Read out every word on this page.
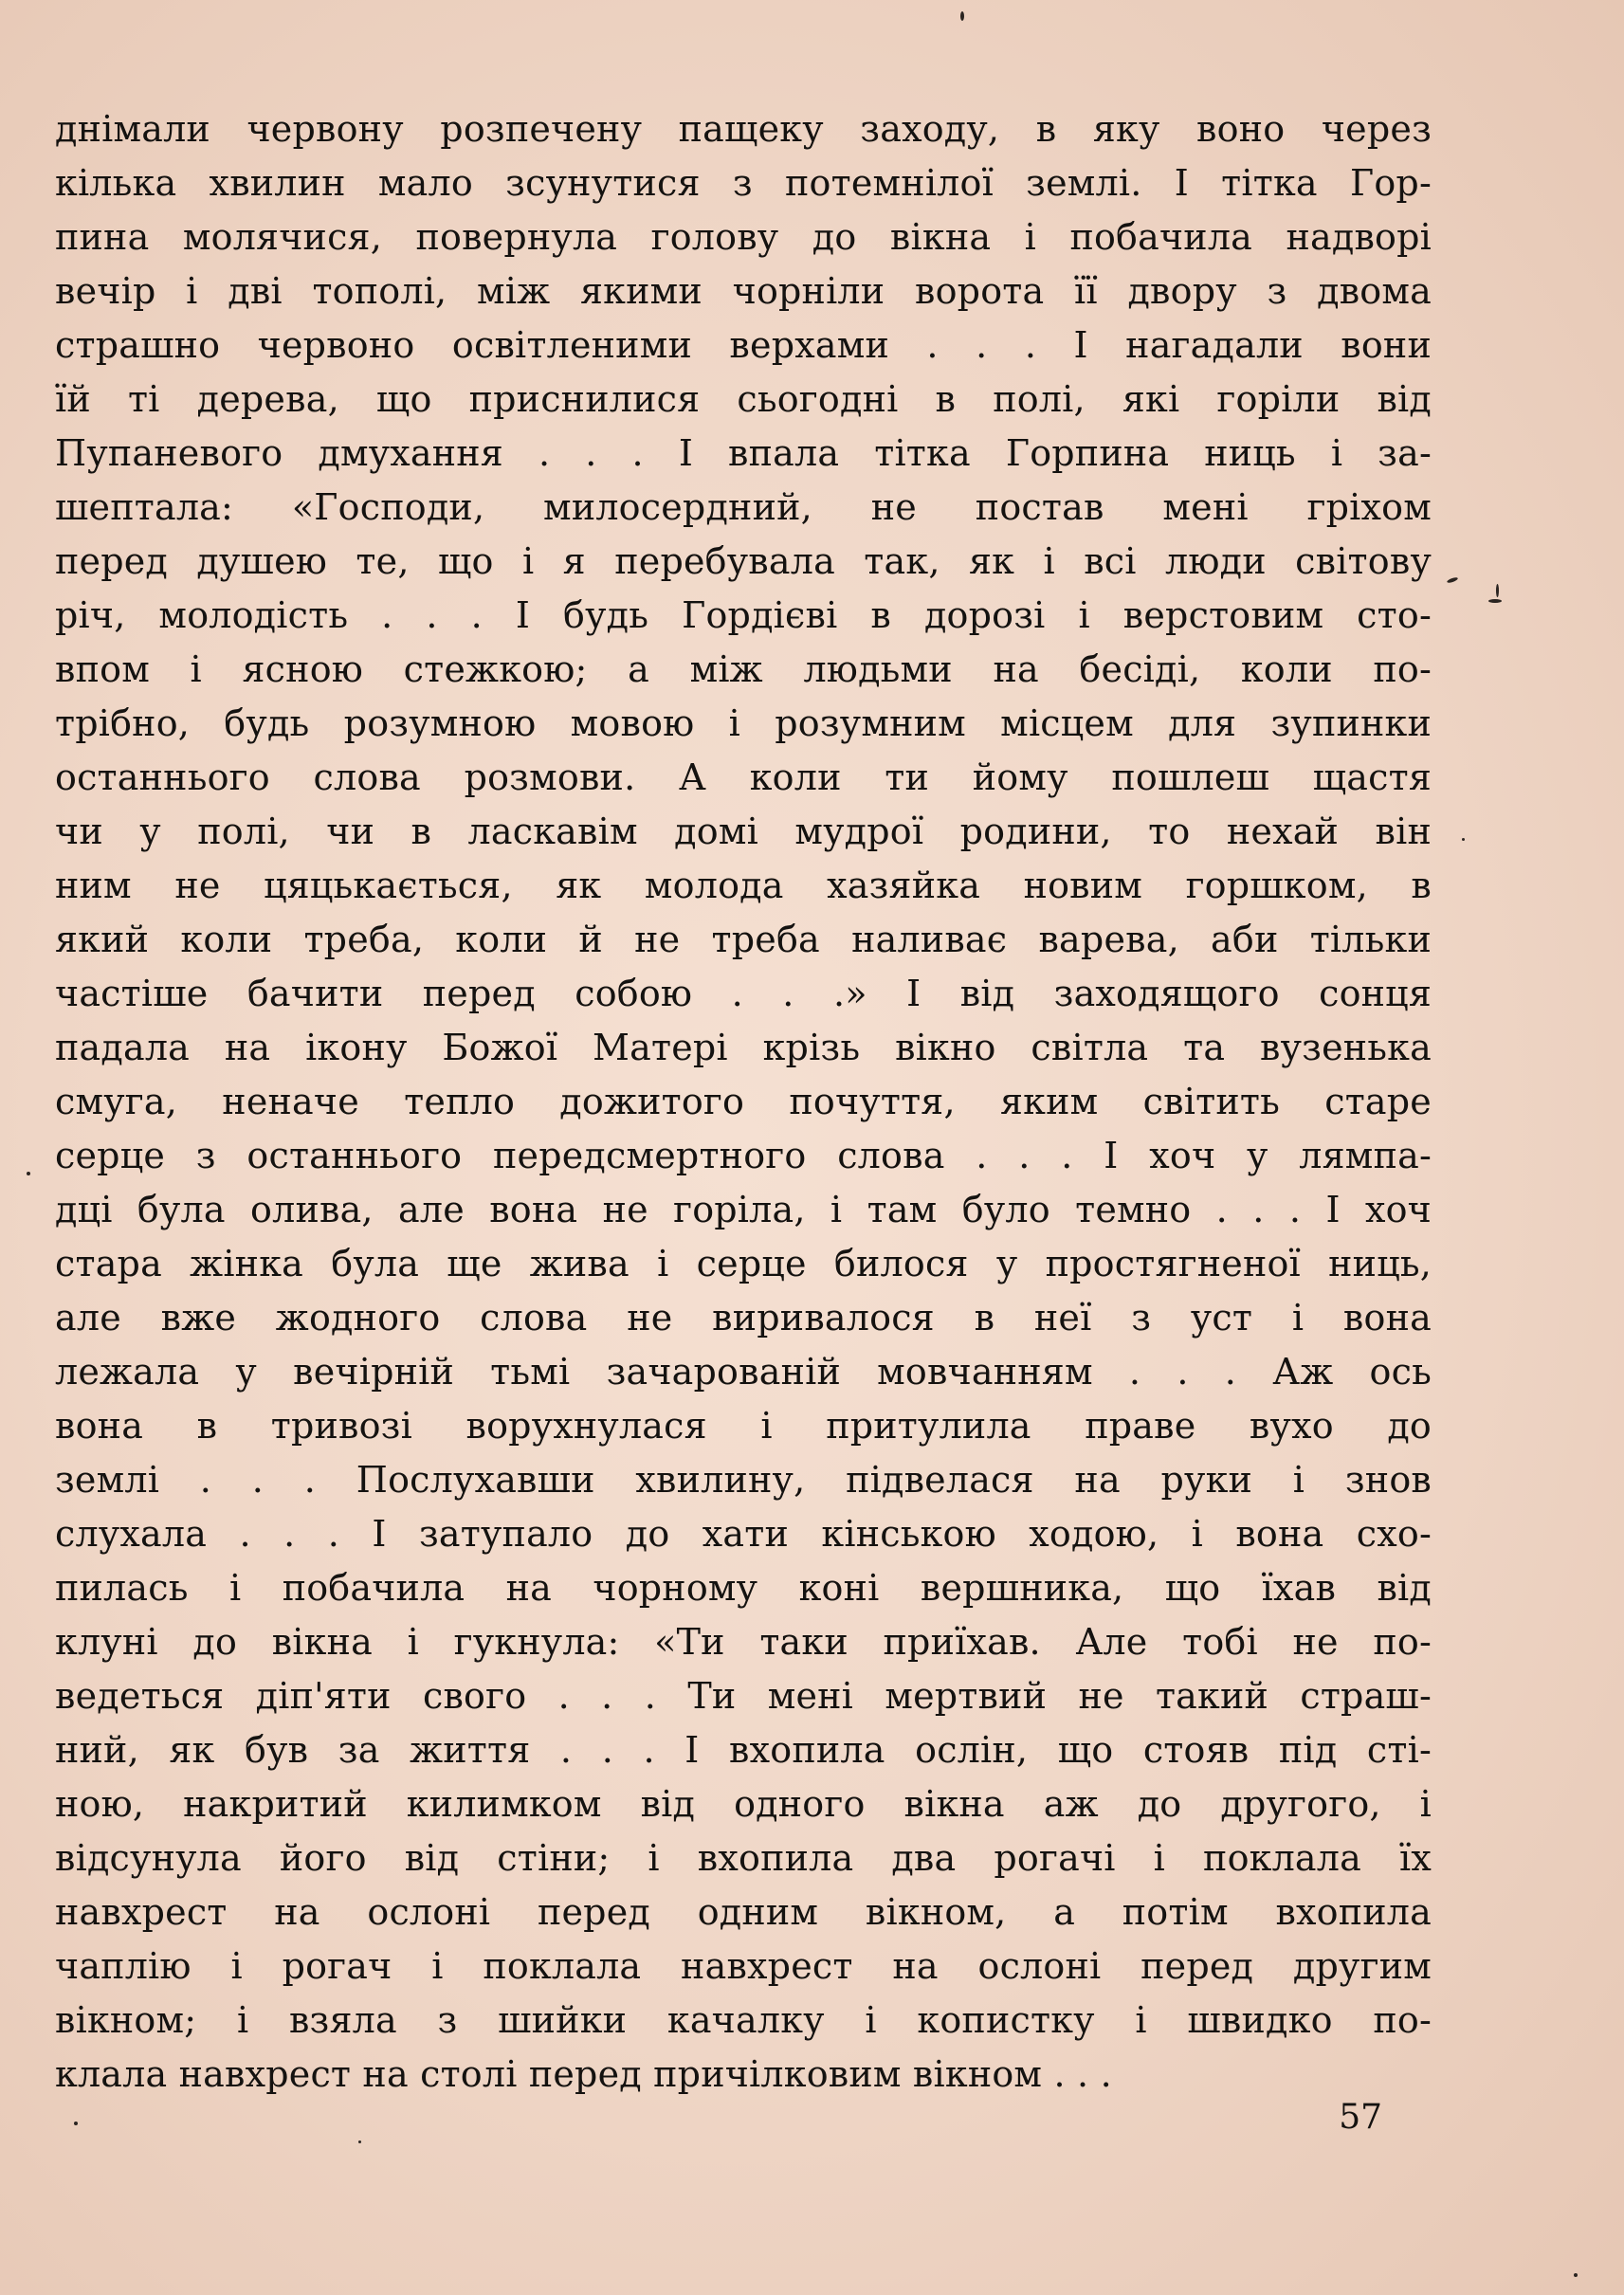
днімали червону розпечену пащеку заходу, в яку воно через
кілька хвилин мало зсунутися з потемнілої землі. І тітка Гор-
пина молячися, повернула голову до вікна і побачила надворі
вечір і дві тополі, між якими чорніли ворота її двору з двома
страшно червоно освітленими верхами . . . І нагадали вони
їй ті дерева, що приснилися сьогодні в полі, які горіли від
Пупаневого дмухання . . . І впала тітка Горпина ниць і за-
шептала: «Господи, милосердний, не постав мені гріхом
перед душею те, що і я перебувала так, як і всі люди світову
річ, молодість . . . І будь Гордієві в дорозі і верстовим сто-
впом і ясною стежкою; а між людьми на бесіді, коли по-
трібно, будь розумною мовою і розумним місцем для зупинки
останнього слова розмови. А коли ти йому пошлеш щастя
чи у полі, чи в ласкавім домі мудрої родини, то нехай він
ним не цяцькається, як молода хазяйка новим горшком, в
який коли треба, коли й не треба наливає варева, аби тільки
частіше бачити перед собою . . .» І від заходящого сонця
падала на ікону Божої Матері крізь вікно світла та вузенька
смуга, неначе тепло дожитого почуття, яким світить старе
серце з останнього передсмертного слова . . . І хоч у лямпа-
дці була олива, але вона не горіла, і там було темно . . . І хоч
стара жінка була ще жива і серце билося у простягненої ниць,
але вже жодного слова не виривалося в неї з уст і вона
лежала у вечірній тьмі зачарованій мовчанням . . . Аж ось
вона в тривозі ворухнулася і притулила праве вухо до
землі . . . Послухавши хвилину, підвелася на руки і знов
слухала . . . І затупало до хати кінською ходою, і вона схо-
пилась і побачила на чорному коні вершника, що їхав від
клуні до вікна і гукнула: «Ти таки приїхав. Але тобі не по-
ведеться діп'яти свого . . . Ти мені мертвий не такий страш-
ний, як був за життя . . . І вхопила ослін, що стояв під сті-
ною, накритий килимком від одного вікна аж до другого, і
відсунула його від стіни; і вхопила два рогачі і поклала їх
навхрест на ослоні перед одним вікном, а потім вхопила
чаплію і рогач і поклала навхрест на ослоні перед другим
вікном; і взяла з шийки качалку і копистку і швидко по-
клала навхрест на столі перед причілковим вікном . . .
57
